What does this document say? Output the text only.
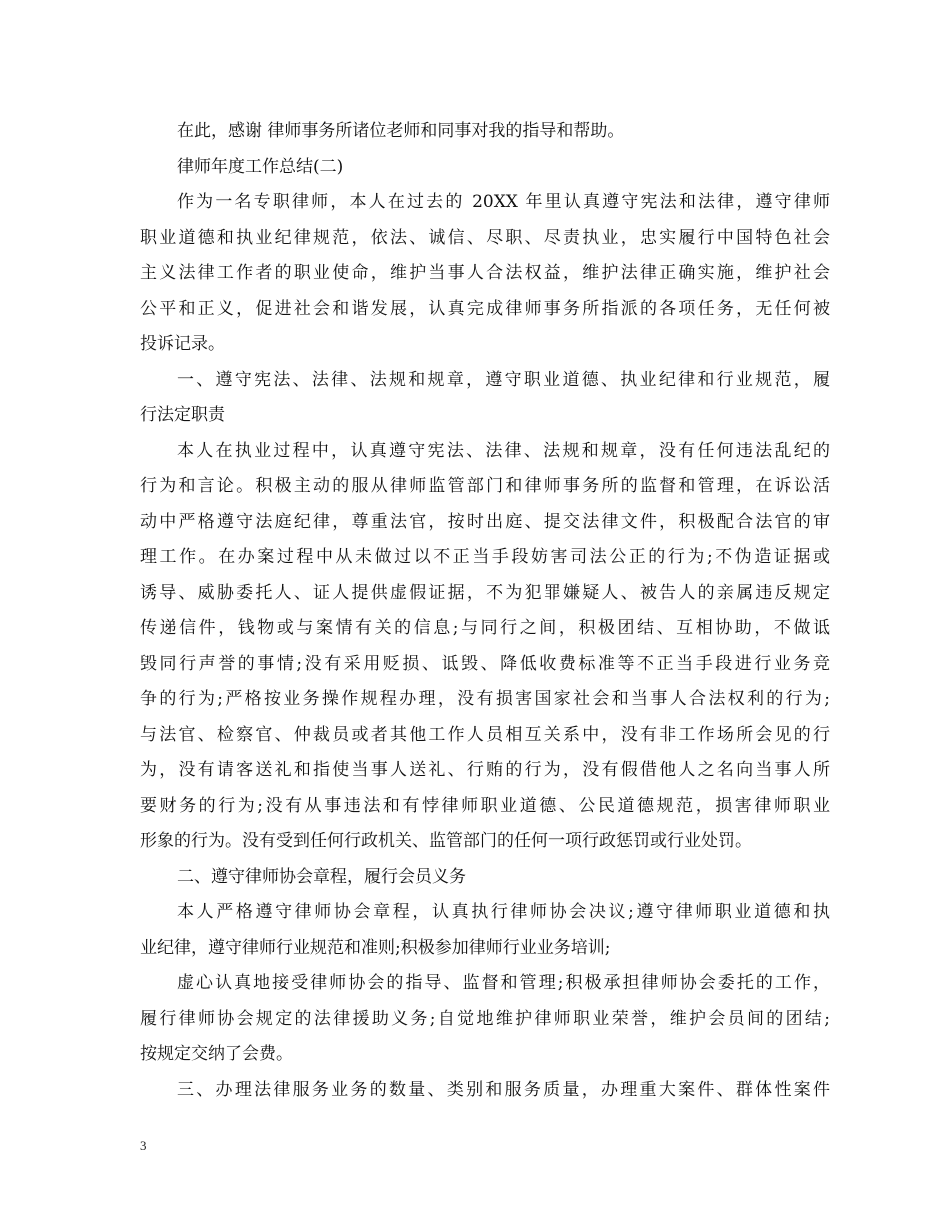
在此，感谢 律师事务所诸位老师和同事对我的指导和帮助。

律师年度工作总结(二)

作为一名专职律师，本人在过去的 20XX 年里认真遵守宪法和法律，遵守律师
职业道德和执业纪律规范，依法、诚信、尽职、尽责执业，忠实履行中国特色社会
主义法律工作者的职业使命，维护当事人合法权益，维护法律正确实施，维护社会
公平和正义，促进社会和谐发展，认真完成律师事务所指派的各项任务，无任何被
投诉记录。

一、遵守宪法、法律、法规和规章，遵守职业道德、执业纪律和行业规范，履
行法定职责

本人在执业过程中，认真遵守宪法、法律、法规和规章，没有任何违法乱纪的
行为和言论。积极主动的服从律师监管部门和律师事务所的监督和管理，在诉讼活
动中严格遵守法庭纪律，尊重法官，按时出庭、提交法律文件，积极配合法官的审
理工作。在办案过程中从未做过以不正当手段妨害司法公正的行为;不伪造证据或
诱导、威胁委托人、证人提供虚假证据，不为犯罪嫌疑人、被告人的亲属违反规定
传递信件，钱物或与案情有关的信息;与同行之间，积极团结、互相协助，不做诋
毁同行声誉的事情;没有采用贬损、诋毁、降低收费标准等不正当手段进行业务竞
争的行为;严格按业务操作规程办理，没有损害国家社会和当事人合法权利的行为;
与法官、检察官、仲裁员或者其他工作人员相互关系中，没有非工作场所会见的行
为，没有请客送礼和指使当事人送礼、行贿的行为，没有假借他人之名向当事人所
要财务的行为;没有从事违法和有悖律师职业道德、公民道德规范，损害律师职业
形象的行为。没有受到任何行政机关、监管部门的任何一项行政惩罚或行业处罚。

二、遵守律师协会章程，履行会员义务

本人严格遵守律师协会章程，认真执行律师协会决议;遵守律师职业道德和执
业纪律，遵守律师行业规范和准则;积极参加律师行业业务培训;

虚心认真地接受律师协会的指导、监督和管理;积极承担律师协会委托的工作，
履行律师协会规定的法律援助义务;自觉地维护律师职业荣誉，维护会员间的团结;
按规定交纳了会费。

三、办理法律服务业务的数量、类别和服务质量，办理重大案件、群体性案件

3
